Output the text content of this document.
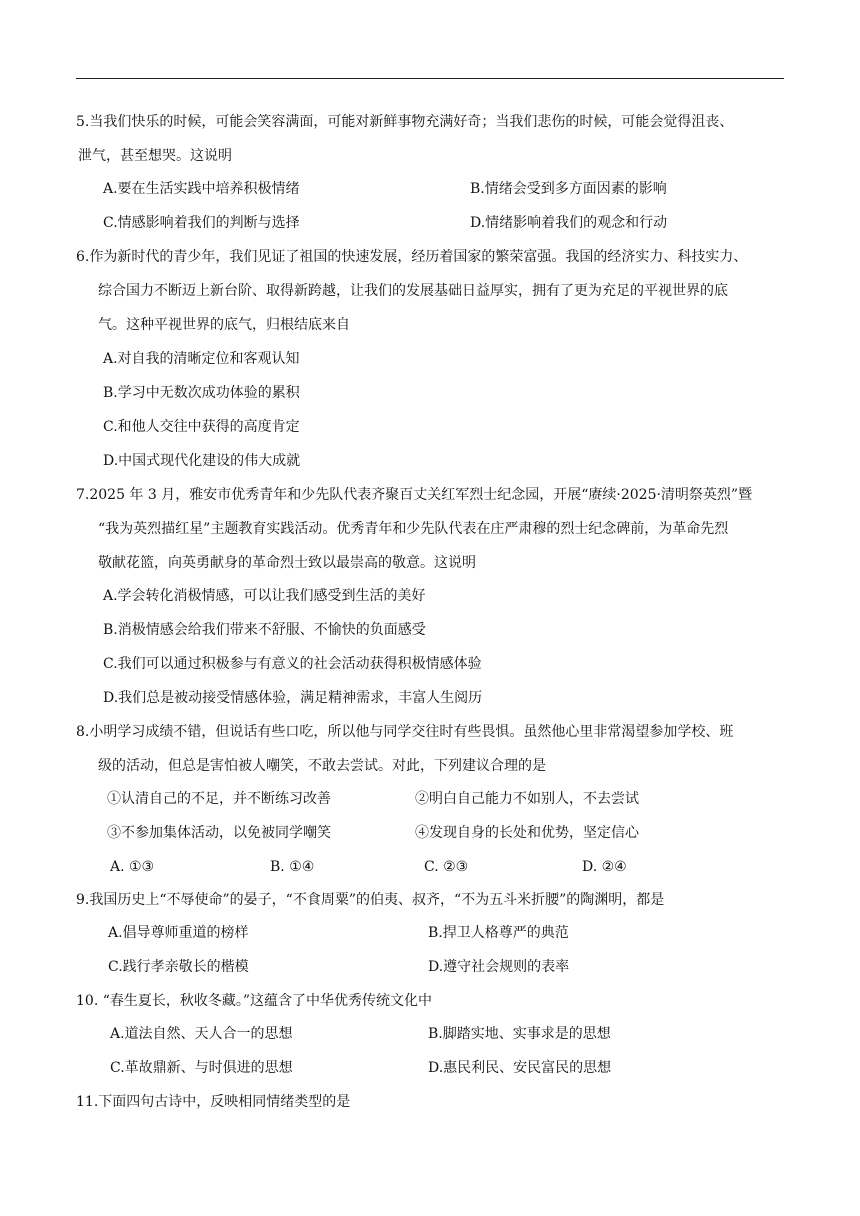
5.当我们快乐的时候，可能会笑容满面，可能对新鲜事物充满好奇；当我们悲伤的时候，可能会觉得沮丧、
泄气，甚至想哭。这说明
A.要在生活实践中培养积极情绪	B.情绪会受到多方面因素的影响
C.情感影响着我们的判断与选择	D.情绪影响着我们的观念和行动
6.作为新时代的青少年，我们见证了祖国的快速发展，经历着国家的繁荣富强。我国的经济实力、科技实力、
综合国力不断迈上新台阶、取得新跨越，让我们的发展基础日益厚实，拥有了更为充足的平视世界的底
气。这种平视世界的底气，归根结底来自
A.对自我的清晰定位和客观认知
B.学习中无数次成功体验的累积
C.和他人交往中获得的高度肯定
D.中国式现代化建设的伟大成就
7.2025 年 3 月，雅安市优秀青年和少先队代表齐聚百丈关红军烈士纪念园，开展“赓续·2025·清明祭英烈”暨
“我为英烈描红星”主题教育实践活动。优秀青年和少先队代表在庄严肃穆的烈士纪念碑前，为革命先烈
敬献花篮，向英勇献身的革命烈士致以最崇高的敬意。这说明
A.学会转化消极情感，可以让我们感受到生活的美好
B.消极情感会给我们带来不舒服、不愉快的负面感受
C.我们可以通过积极参与有意义的社会活动获得积极情感体验
D.我们总是被动接受情感体验，满足精神需求，丰富人生阅历
8.小明学习成绩不错，但说话有些口吃，所以他与同学交往时有些畏惧。虽然他心里非常渴望参加学校、班
级的活动，但总是害怕被人嘲笑，不敢去尝试。对此，下列建议合理的是
①认清自己的不足，并不断练习改善	②明白自己能力不如别人，不去尝试
③不参加集体活动，以免被同学嘲笑	④发现自身的长处和优势，坚定信心
A. ①③	B. ①④	C. ②③	D. ②④
9.我国历史上“不辱使命”的晏子，“不食周粟”的伯夷、叔齐，“不为五斗米折腰”的陶渊明，都是
A.倡导尊师重道的榜样	B.捍卫人格尊严的典范
C.践行孝亲敬长的楷模	D.遵守社会规则的表率
10. “春生夏长，秋收冬藏。”这蕴含了中华优秀传统文化中
A.道法自然、天人合一的思想	B.脚踏实地、实事求是的思想
C.革故鼎新、与时俱进的思想	D.惠民利民、安民富民的思想
11.下面四句古诗中，反映相同情绪类型的是
